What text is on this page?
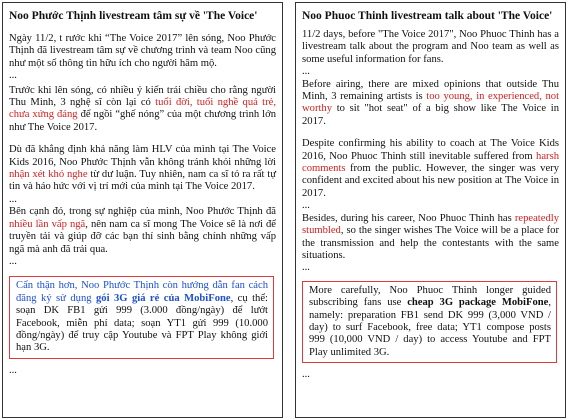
Noo Phước Thịnh livestream tâm sự về 'The Voice'
Ngày 11/2, t rước khi “The Voice 2017” lên sóng, Noo Phước Thịnh đã livestream tâm sự về chương trình và team Noo cũng như một số thông tin hữu ích cho người hâm mộ.
...
Trước khi lên sóng, có nhiều ý kiến trái chiều cho rằng người Thu Minh, 3 nghệ sĩ còn lại có tuổi đời, tuổi nghề quá trẻ, chưa xứng đáng để ngồi “ghế nóng” của một chương trình lớn như The Voice 2017.
Dù đã khẳng định khả năng làm HLV của mình tại The Voice Kids 2016, Noo Phước Thịnh vẫn không tránh khỏi những lời nhận xét khó nghe từ dư luận. Tuy nhiên, nam ca sĩ tỏ ra rất tự tin và háo hức với vị trí mới của mình tại The Voice 2017.
...
Bên cạnh đó, trong sự nghiệp của mình, Noo Phước Thịnh đã nhiều lần vấp ngã, nên nam ca sĩ mong The Voice sẽ là nơi để truyền tải và giúp đỡ các bạn thí sinh bằng chính những vấp ngã mà anh đã trải qua.
...
Cẩn thận hơn, Noo Phước Thịnh còn hướng dẫn fan cách đăng ký sử dụng gói 3G giá rẻ của MobiFone, cụ thể: soạn DK FB1 gửi 999 (3.000 đồng/ngày) để lướt Facebook, miễn phí data; soạn YT1 gửi 999 (10.000 đồng/ngày) để truy cập Youtube và FPT Play không giới hạn 3G.
...
Noo Phuoc Thinh livestream talk about 'The Voice'
11/2 days, before "The Voice 2017", Noo Phuoc Thinh has a livestream talk about the program and Noo team as well as some useful information for fans.
...
Before airing, there are mixed opinions that outside Thu Minh, 3 remaining artists is too young, in experienced, not worthy to sit "hot seat" of a big show like The Voice in 2017.
Despite confirming his ability to coach at The Voice Kids 2016, Noo Phuoc Thinh still inevitable suffered from harsh comments from the public. However, the singer was very confident and excited about his new position at The Voice in 2017.
...
Besides, during his career, Noo Phuoc Thinh has repeatedly stumbled, so the singer wishes The Voice will be a place for the transmission and help the contestants with the same situations.
...
More carefully, Noo Phuoc Thinh longer guided subscribing fans use cheap 3G package MobiFone, namely: preparation FB1 send DK 999 (3,000 VND / day) to surf Facebook, free data; YT1 compose posts 999 (10,000 VND / day) to access Youtube and FPT Play unlimited 3G.
...
